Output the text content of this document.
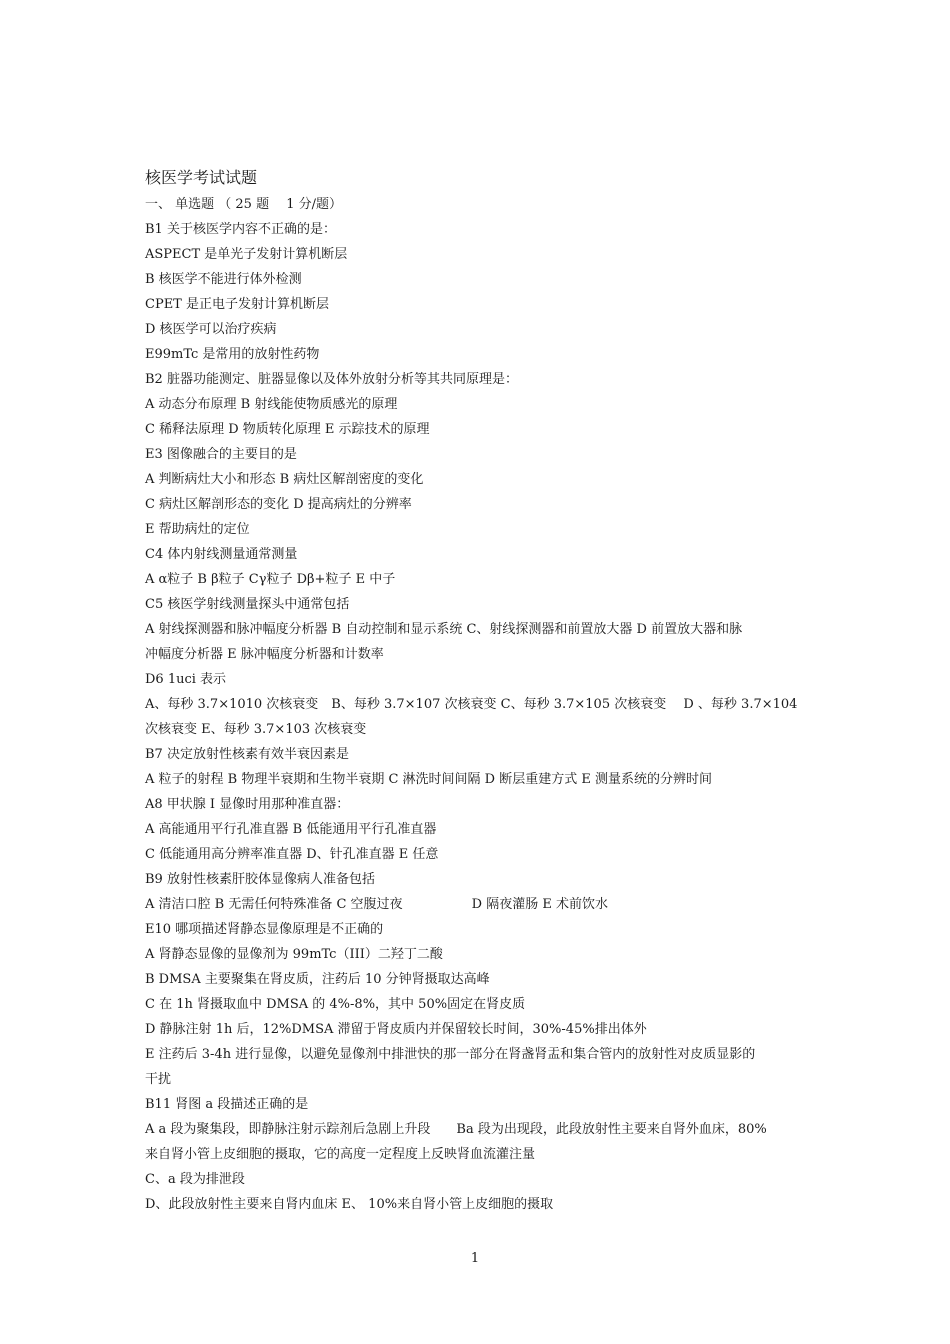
核医学考试试题
一、 单选题 （ 25 题　 1 分/题）
B1 关于核医学内容不正确的是：
ASPECT 是单光子发射计算机断层
B 核医学不能进行体外检测
CPET 是正电子发射计算机断层
D 核医学可以治疗疾病
E99mTc 是常用的放射性药物
B2 脏器功能测定、脏器显像以及体外放射分析等其共同原理是：
A 动态分布原理 B 射线能使物质感光的原理
C 稀释法原理 D 物质转化原理 E 示踪技术的原理
E3 图像融合的主要目的是
A 判断病灶大小和形态 B 病灶区解剖密度的变化
C 病灶区解剖形态的变化 D 提高病灶的分辨率
E 帮助病灶的定位
C4 体内射线测量通常测量
A α粒子 B β粒子 Cγ粒子 Dβ+粒子 E 中子
C5 核医学射线测量探头中通常包括
A 射线探测器和脉冲幅度分析器 B 自动控制和显示系统 C、射线探测器和前置放大器 D 前置放大器和脉
冲幅度分析器 E 脉冲幅度分析器和计数率
D6 1uci 表示
A、每秒 3.7×1010 次核衰变　B、每秒 3.7×107 次核衰变 C、每秒 3.7×105 次核衰变　 D 、每秒 3.7×104
次核衰变 E、每秒 3.7×103 次核衰变
B7 决定放射性核素有效半衰因素是
A 粒子的射程 B 物理半衰期和生物半衰期 C 淋洗时间间隔 D 断层重建方式 E 测量系统的分辨时间
A8 甲状腺 I 显像时用那种准直器：
A 高能通用平行孔准直器 B 低能通用平行孔准直器
C 低能通用高分辨率准直器 D、针孔准直器 E 任意
B9 放射性核素肝胶体显像病人准备包括
A 清洁口腔 B 无需任何特殊准备 C 空腹过夜　　　　　 D 隔夜灌肠 E 术前饮水
E10 哪项描述肾静态显像原理是不正确的
A 肾静态显像的显像剂为 99mTc（III）二羟丁二酸
B DMSA 主要聚集在肾皮质，注药后 10 分钟肾摄取达高峰
C 在 1h 肾摄取血中 DMSA 的 4%-8%，其中 50%固定在肾皮质
D 静脉注射 1h 后，12%DMSA 滞留于肾皮质内并保留较长时间，30%-45%排出体外
E 注药后 3-4h 进行显像，以避免显像剂中排泄快的那一部分在肾盏肾盂和集合管内的放射性对皮质显影的
干扰
B11 肾图 a 段描述正确的是
A a 段为聚集段，即静脉注射示踪剂后急剧上升段　　Ba 段为出现段，此段放射性主要来自肾外血床，80%
来自肾小管上皮细胞的摄取，它的高度一定程度上反映肾血流灌注量
C、a 段为排泄段
D、此段放射性主要来自肾内血床 E、 10%来自肾小管上皮细胞的摄取
1
